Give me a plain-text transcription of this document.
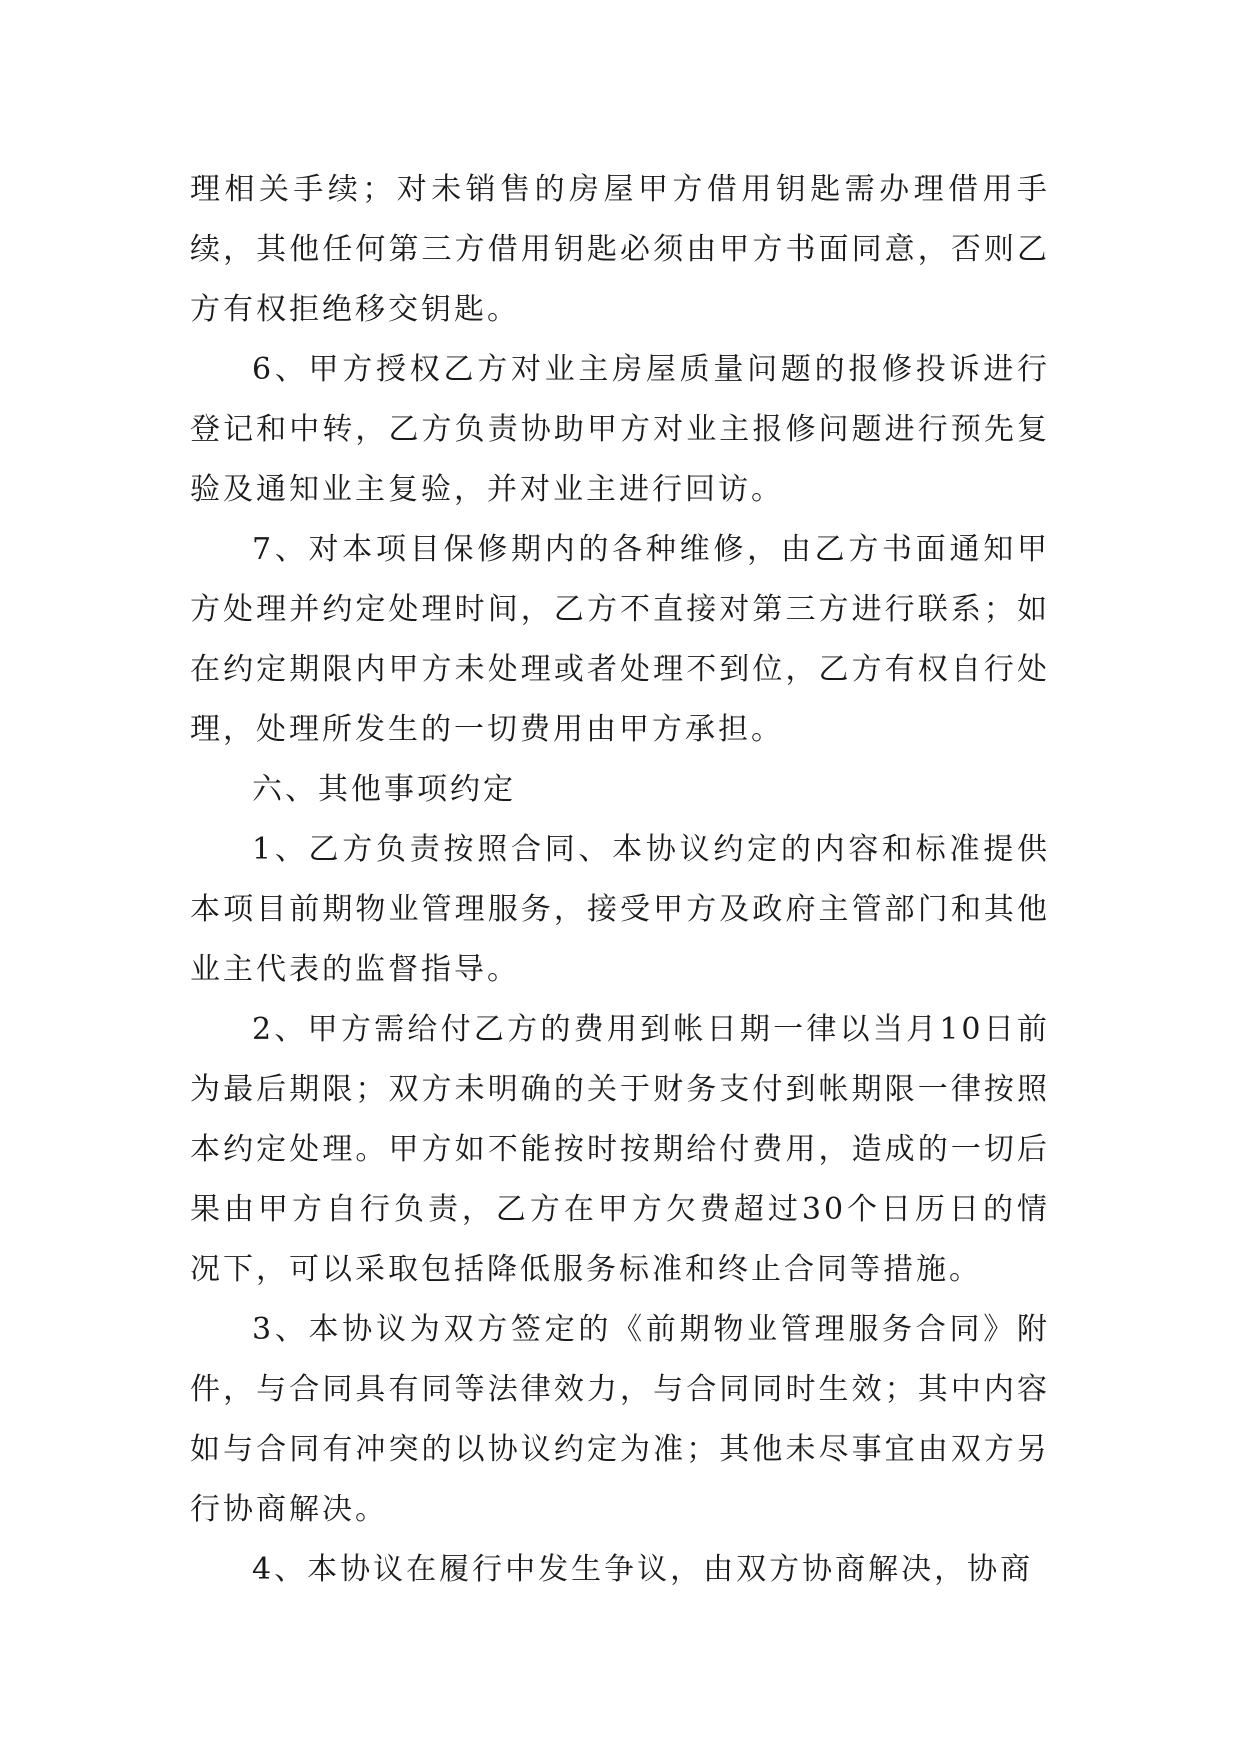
理相关手续；对未销售的房屋甲方借用钥匙需办理借用手续，其他任何第三方借用钥匙必须由甲方书面同意，否则乙方有权拒绝移交钥匙。

6、甲方授权乙方对业主房屋质量问题的报修投诉进行登记和中转，乙方负责协助甲方对业主报修问题进行预先复验及通知业主复验，并对业主进行回访。

7、对本项目保修期内的各种维修，由乙方书面通知甲方处理并约定处理时间，乙方不直接对第三方进行联系；如在约定期限内甲方未处理或者处理不到位，乙方有权自行处理，处理所发生的一切费用由甲方承担。

六、其他事项约定

1、乙方负责按照合同、本协议约定的内容和标准提供本项目前期物业管理服务，接受甲方及政府主管部门和其他业主代表的监督指导。

2、甲方需给付乙方的费用到帐日期一律以当月10日前为最后期限；双方未明确的关于财务支付到帐期限一律按照本约定处理。甲方如不能按时按期给付费用，造成的一切后果由甲方自行负责，乙方在甲方欠费超过30个日历日的情况下，可以采取包括降低服务标准和终止合同等措施。

3、本协议为双方签定的《前期物业管理服务合同》附件，与合同具有同等法律效力，与合同同时生效；其中内容如与合同有冲突的以协议约定为准；其他未尽事宜由双方另行协商解决。

4、本协议在履行中发生争议，由双方协商解决，协商
